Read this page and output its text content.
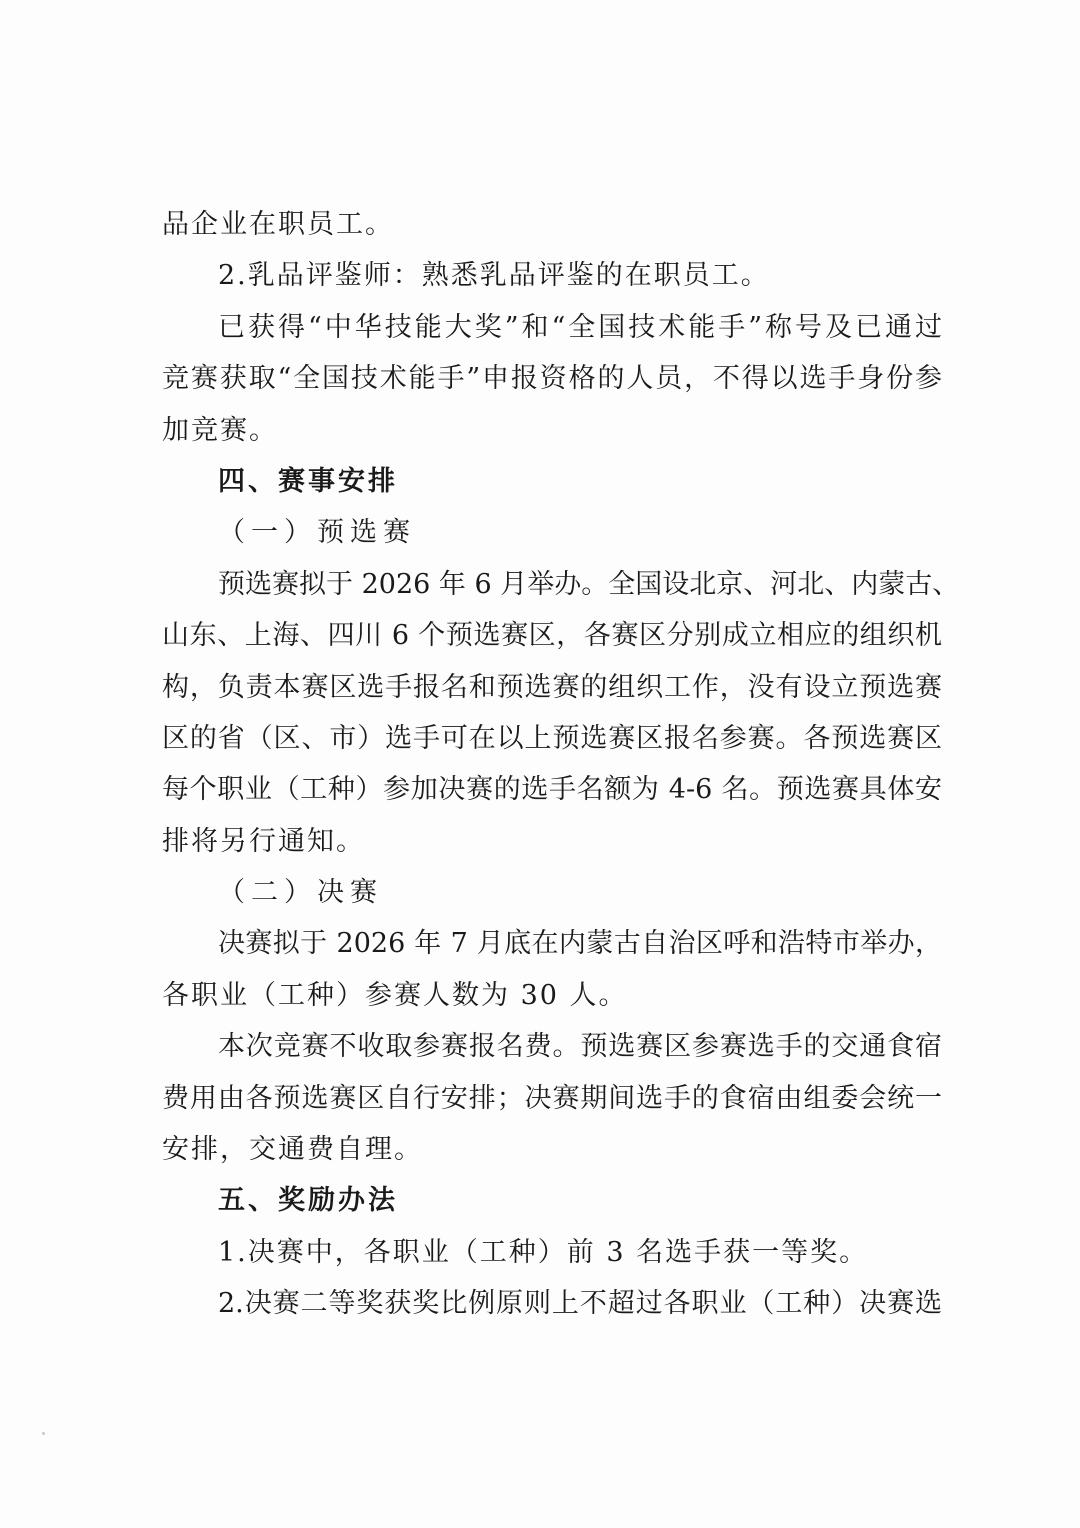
品企业在职员工。
2.乳品评鉴师：熟悉乳品评鉴的在职员工。
已获得“中华技能大奖”和“全国技术能手”称号及已通过
竞赛获取“全国技术能手”申报资格的人员，不得以选手身份参
加竞赛。
四、赛事安排
（一）预选赛
预选赛拟于 2026 年 6 月举办。全国设北京、河北、内蒙古、
山东、上海、四川 6 个预选赛区，各赛区分别成立相应的组织机
构，负责本赛区选手报名和预选赛的组织工作，没有设立预选赛
区的省（区、市）选手可在以上预选赛区报名参赛。各预选赛区
每个职业（工种）参加决赛的选手名额为 4-6 名。预选赛具体安
排将另行通知。
（二）决赛
决赛拟于 2026 年 7 月底在内蒙古自治区呼和浩特市举办，
各职业（工种）参赛人数为 30 人。
本次竞赛不收取参赛报名费。预选赛区参赛选手的交通食宿
费用由各预选赛区自行安排；决赛期间选手的食宿由组委会统一
安排，交通费自理。
五、奖励办法
1.决赛中，各职业（工种）前 3 名选手获一等奖。
2.决赛二等奖获奖比例原则上不超过各职业（工种）决赛选
